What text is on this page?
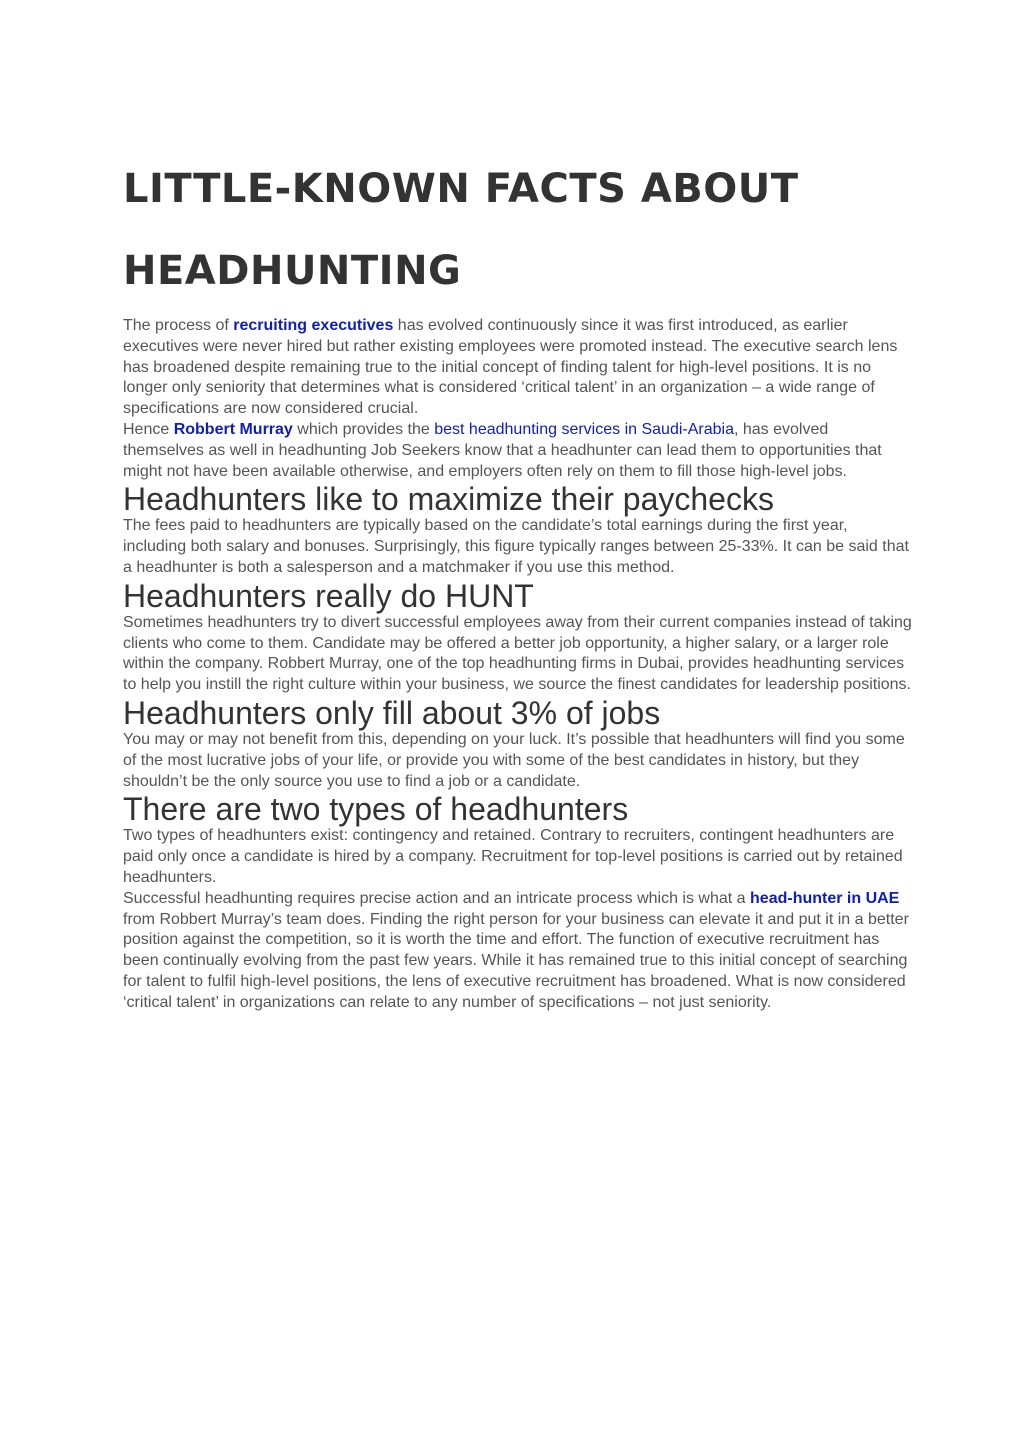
LITTLE-KNOWN FACTS ABOUT
HEADHUNTING

The process of recruiting executives has evolved continuously since it was first introduced, as earlier executives were never hired but rather existing employees were promoted instead. The executive search lens has broadened despite remaining true to the initial concept of finding talent for high-level positions. It is no longer only seniority that determines what is considered ‘critical talent’ in an organization – a wide range of specifications are now considered crucial.
Hence Robbert Murray which provides the best headhunting services in Saudi-Arabia, has evolved themselves as well in headhunting Job Seekers know that a headhunter can lead them to opportunities that might not have been available otherwise, and employers often rely on them to fill those high-level jobs.

Headhunters like to maximize their paychecks

The fees paid to headhunters are typically based on the candidate’s total earnings during the first year, including both salary and bonuses. Surprisingly, this figure typically ranges between 25-33%. It can be said that a headhunter is both a salesperson and a matchmaker if you use this method.

Headhunters really do HUNT

Sometimes headhunters try to divert successful employees away from their current companies instead of taking clients who come to them. Candidate may be offered a better job opportunity, a higher salary, or a larger role within the company. Robbert Murray, one of the top headhunting firms in Dubai, provides headhunting services to help you instill the right culture within your business, we source the finest candidates for leadership positions.

Headhunters only fill about 3% of jobs

You may or may not benefit from this, depending on your luck. It’s possible that headhunters will find you some of the most lucrative jobs of your life, or provide you with some of the best candidates in history, but they shouldn’t be the only source you use to find a job or a candidate.

There are two types of headhunters

Two types of headhunters exist: contingency and retained. Contrary to recruiters, contingent headhunters are paid only once a candidate is hired by a company. Recruitment for top-level positions is carried out by retained headhunters.
Successful headhunting requires precise action and an intricate process which is what a head-hunter in UAE from Robbert Murray’s team does. Finding the right person for your business can elevate it and put it in a better position against the competition, so it is worth the time and effort. The function of executive recruitment has been continually evolving from the past few years. While it has remained true to this initial concept of searching for talent to fulfil high-level positions, the lens of executive recruitment has broadened. What is now considered ‘critical talent’ in organizations can relate to any number of specifications – not just seniority.
